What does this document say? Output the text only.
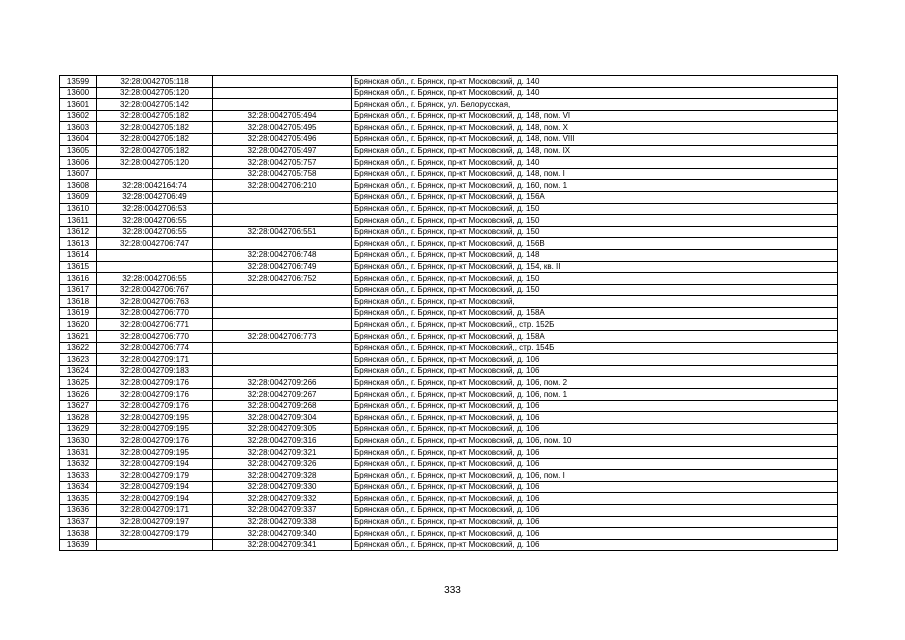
13599	32:28:0042705:118		Брянская обл., г. Брянск, пр-кт Московский, д. 140
13600	32:28:0042705:120		Брянская обл., г. Брянск, пр-кт Московский, д. 140
13601	32:28:0042705:142		Брянская обл., г. Брянск, ул. Белорусская,
13602	32:28:0042705:182	32:28:0042705:494	Брянская обл., г. Брянск, пр-кт Московский, д. 148, пом. VI
13603	32:28:0042705:182	32:28:0042705:495	Брянская обл., г. Брянск, пр-кт Московский, д. 148, пом. X
13604	32:28:0042705:182	32:28:0042705:496	Брянская обл., г. Брянск, пр-кт Московский, д. 148, пом. VIII
13605	32:28:0042705:182	32:28:0042705:497	Брянская обл., г. Брянск, пр-кт Московский, д. 148, пом. IX
13606	32:28:0042705:120	32:28:0042705:757	Брянская обл., г. Брянск, пр-кт Московский, д. 140
13607		32:28:0042705:758	Брянская обл., г. Брянск, пр-кт Московский, д. 148, пом. I
13608	32:28:0042164:74	32:28:0042706:210	Брянская обл., г. Брянск, пр-кт Московский, д. 160, пом. 1
13609	32:28:0042706:49		Брянская обл., г. Брянск, пр-кт Московский, д. 156А
13610	32:28:0042706:53		Брянская обл., г. Брянск, пр-кт Московский, д. 150
13611	32:28:0042706:55		Брянская обл., г. Брянск, пр-кт Московский, д. 150
13612	32:28:0042706:55	32:28:0042706:551	Брянская обл., г. Брянск, пр-кт Московский, д. 150
13613	32:28:0042706:747		Брянская обл., г. Брянск, пр-кт Московский, д. 156В
13614		32:28:0042706:748	Брянская обл., г. Брянск, пр-кт Московский, д. 148
13615		32:28:0042706:749	Брянская обл., г. Брянск, пр-кт Московский, д. 154, кв. II
13616	32:28:0042706:55	32:28:0042706:752	Брянская обл., г. Брянск, пр-кт Московский, д. 150
13617	32:28:0042706:767		Брянская обл., г. Брянск, пр-кт Московский, д. 150
13618	32:28:0042706:763		Брянская обл., г. Брянск, пр-кт Московский,
13619	32:28:0042706:770		Брянская обл., г. Брянск, пр-кт Московский, д. 158А
13620	32:28:0042706:771		Брянская обл., г. Брянск, пр-кт Московский,, стр. 152Б
13621	32:28:0042706:770	32:28:0042706:773	Брянская обл., г. Брянск, пр-кт Московский, д. 158А
13622	32:28:0042706:774		Брянская обл., г. Брянск, пр-кт Московский,, стр. 154Б
13623	32:28:0042709:171		Брянская обл., г. Брянск, пр-кт Московский, д. 106
13624	32:28:0042709:183		Брянская обл., г. Брянск, пр-кт Московский, д. 106
13625	32:28:0042709:176	32:28:0042709:266	Брянская обл., г. Брянск, пр-кт Московский, д. 106, пом. 2
13626	32:28:0042709:176	32:28:0042709:267	Брянская обл., г. Брянск, пр-кт Московский, д. 106, пом. 1
13627	32:28:0042709:176	32:28:0042709:268	Брянская обл., г. Брянск, пр-кт Московский, д. 106
13628	32:28:0042709:195	32:28:0042709:304	Брянская обл., г. Брянск, пр-кт Московский, д. 106
13629	32:28:0042709:195	32:28:0042709:305	Брянская обл., г. Брянск, пр-кт Московский, д. 106
13630	32:28:0042709:176	32:28:0042709:316	Брянская обл., г. Брянск, пр-кт Московский, д. 106, пом. 10
13631	32:28:0042709:195	32:28:0042709:321	Брянская обл., г. Брянск, пр-кт Московский, д. 106
13632	32:28:0042709:194	32:28:0042709:326	Брянская обл., г. Брянск, пр-кт Московский, д. 106
13633	32:28:0042709:179	32:28:0042709:328	Брянская обл., г. Брянск, пр-кт Московский, д. 106, пом. I
13634	32:28:0042709:194	32:28:0042709:330	Брянская обл., г. Брянск, пр-кт Московский, д. 106
13635	32:28:0042709:194	32:28:0042709:332	Брянская обл., г. Брянск, пр-кт Московский, д. 106
13636	32:28:0042709:171	32:28:0042709:337	Брянская обл., г. Брянск, пр-кт Московский, д. 106
13637	32:28:0042709:197	32:28:0042709:338	Брянская обл., г. Брянск, пр-кт Московский, д. 106
13638	32:28:0042709:179	32:28:0042709:340	Брянская обл., г. Брянск, пр-кт Московский, д. 106
13639		32:28:0042709:341	Брянская обл., г. Брянск, пр-кт Московский, д. 106
333
